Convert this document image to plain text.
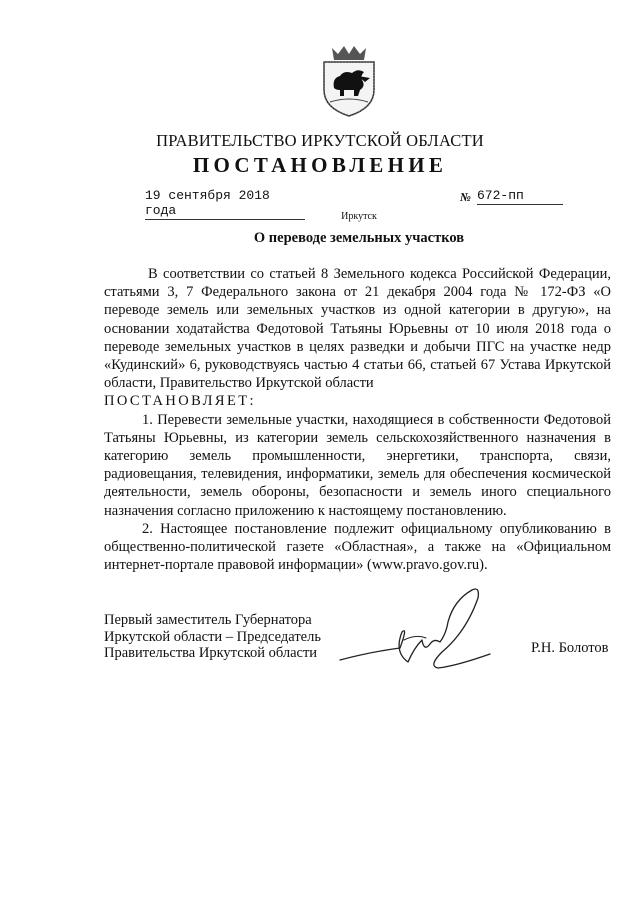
ПРАВИТЕЛЬСТВО ИРКУТСКОЙ ОБЛАСТИ
ПОСТАНОВЛЕНИЕ
19 сентября 2018 года
№ 672-пп
Иркутск
О переводе земельных участков

В соответствии со статьей 8 Земельного кодекса Российской Федерации, статьями 3, 7 Федерального закона от 21 декабря 2004 года № 172-ФЗ «О переводе земель или земельных участков из одной категории в другую», на основании ходатайства Федотовой Татьяны Юрьевны от 10 июля 2018 года о переводе земельных участков в целях разведки и добычи ПГС на участке недр «Кудинский» 6, руководствуясь частью 4 статьи 66, статьей 67 Устава Иркутской области, Правительство Иркутской области

ПОСТАНОВЛЯЕТ:

1. Перевести земельные участки, находящиеся в собственности Федотовой Татьяны Юрьевны, из категории земель сельскохозяйственного назначения в категорию земель промышленности, энергетики, транспорта, связи, радиовещания, телевидения, информатики, земель для обеспечения космической деятельности, земель обороны, безопасности и земель иного специального назначения согласно приложению к настоящему постановлению.

2. Настоящее постановление подлежит официальному опубликованию в общественно-политической газете «Областная», а также на «Официальном интернет-портале правовой информации» (www.pravo.gov.ru).

Первый заместитель Губернатора
Иркутской области – Председатель
Правительства Иркутской области	Р.Н. Болотов
